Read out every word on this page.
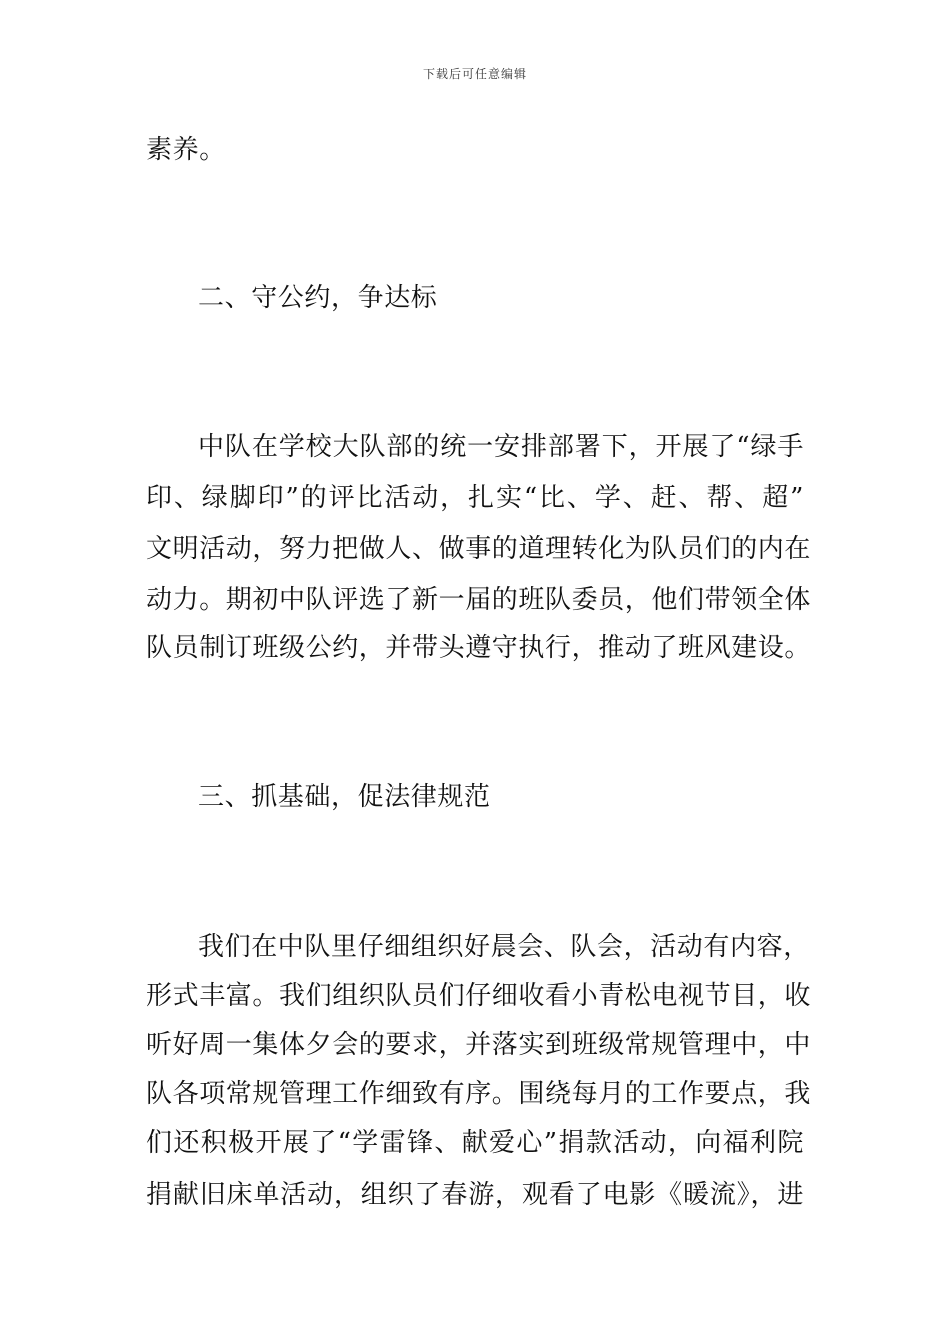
下载后可任意编辑
素养。
二、守公约，争达标
中队在学校大队部的统一安排部署下，开展了“绿手
印、绿脚印”的评比活动，扎实“比、学、赶、帮、超”
文明活动，努力把做人、做事的道理转化为队员们的内在
动力。期初中队评选了新一届的班队委员，他们带领全体
队员制订班级公约，并带头遵守执行，推动了班风建设。
三、抓基础，促法律规范
我们在中队里仔细组织好晨会、队会，活动有内容，
形式丰富。我们组织队员们仔细收看小青松电视节目，收
听好周一集体夕会的要求，并落实到班级常规管理中，中
队各项常规管理工作细致有序。围绕每月的工作要点，我
们还积极开展了“学雷锋、献爱心”捐款活动，向福利院
捐献旧床单活动，组织了春游，观看了电影《暖流》，进
